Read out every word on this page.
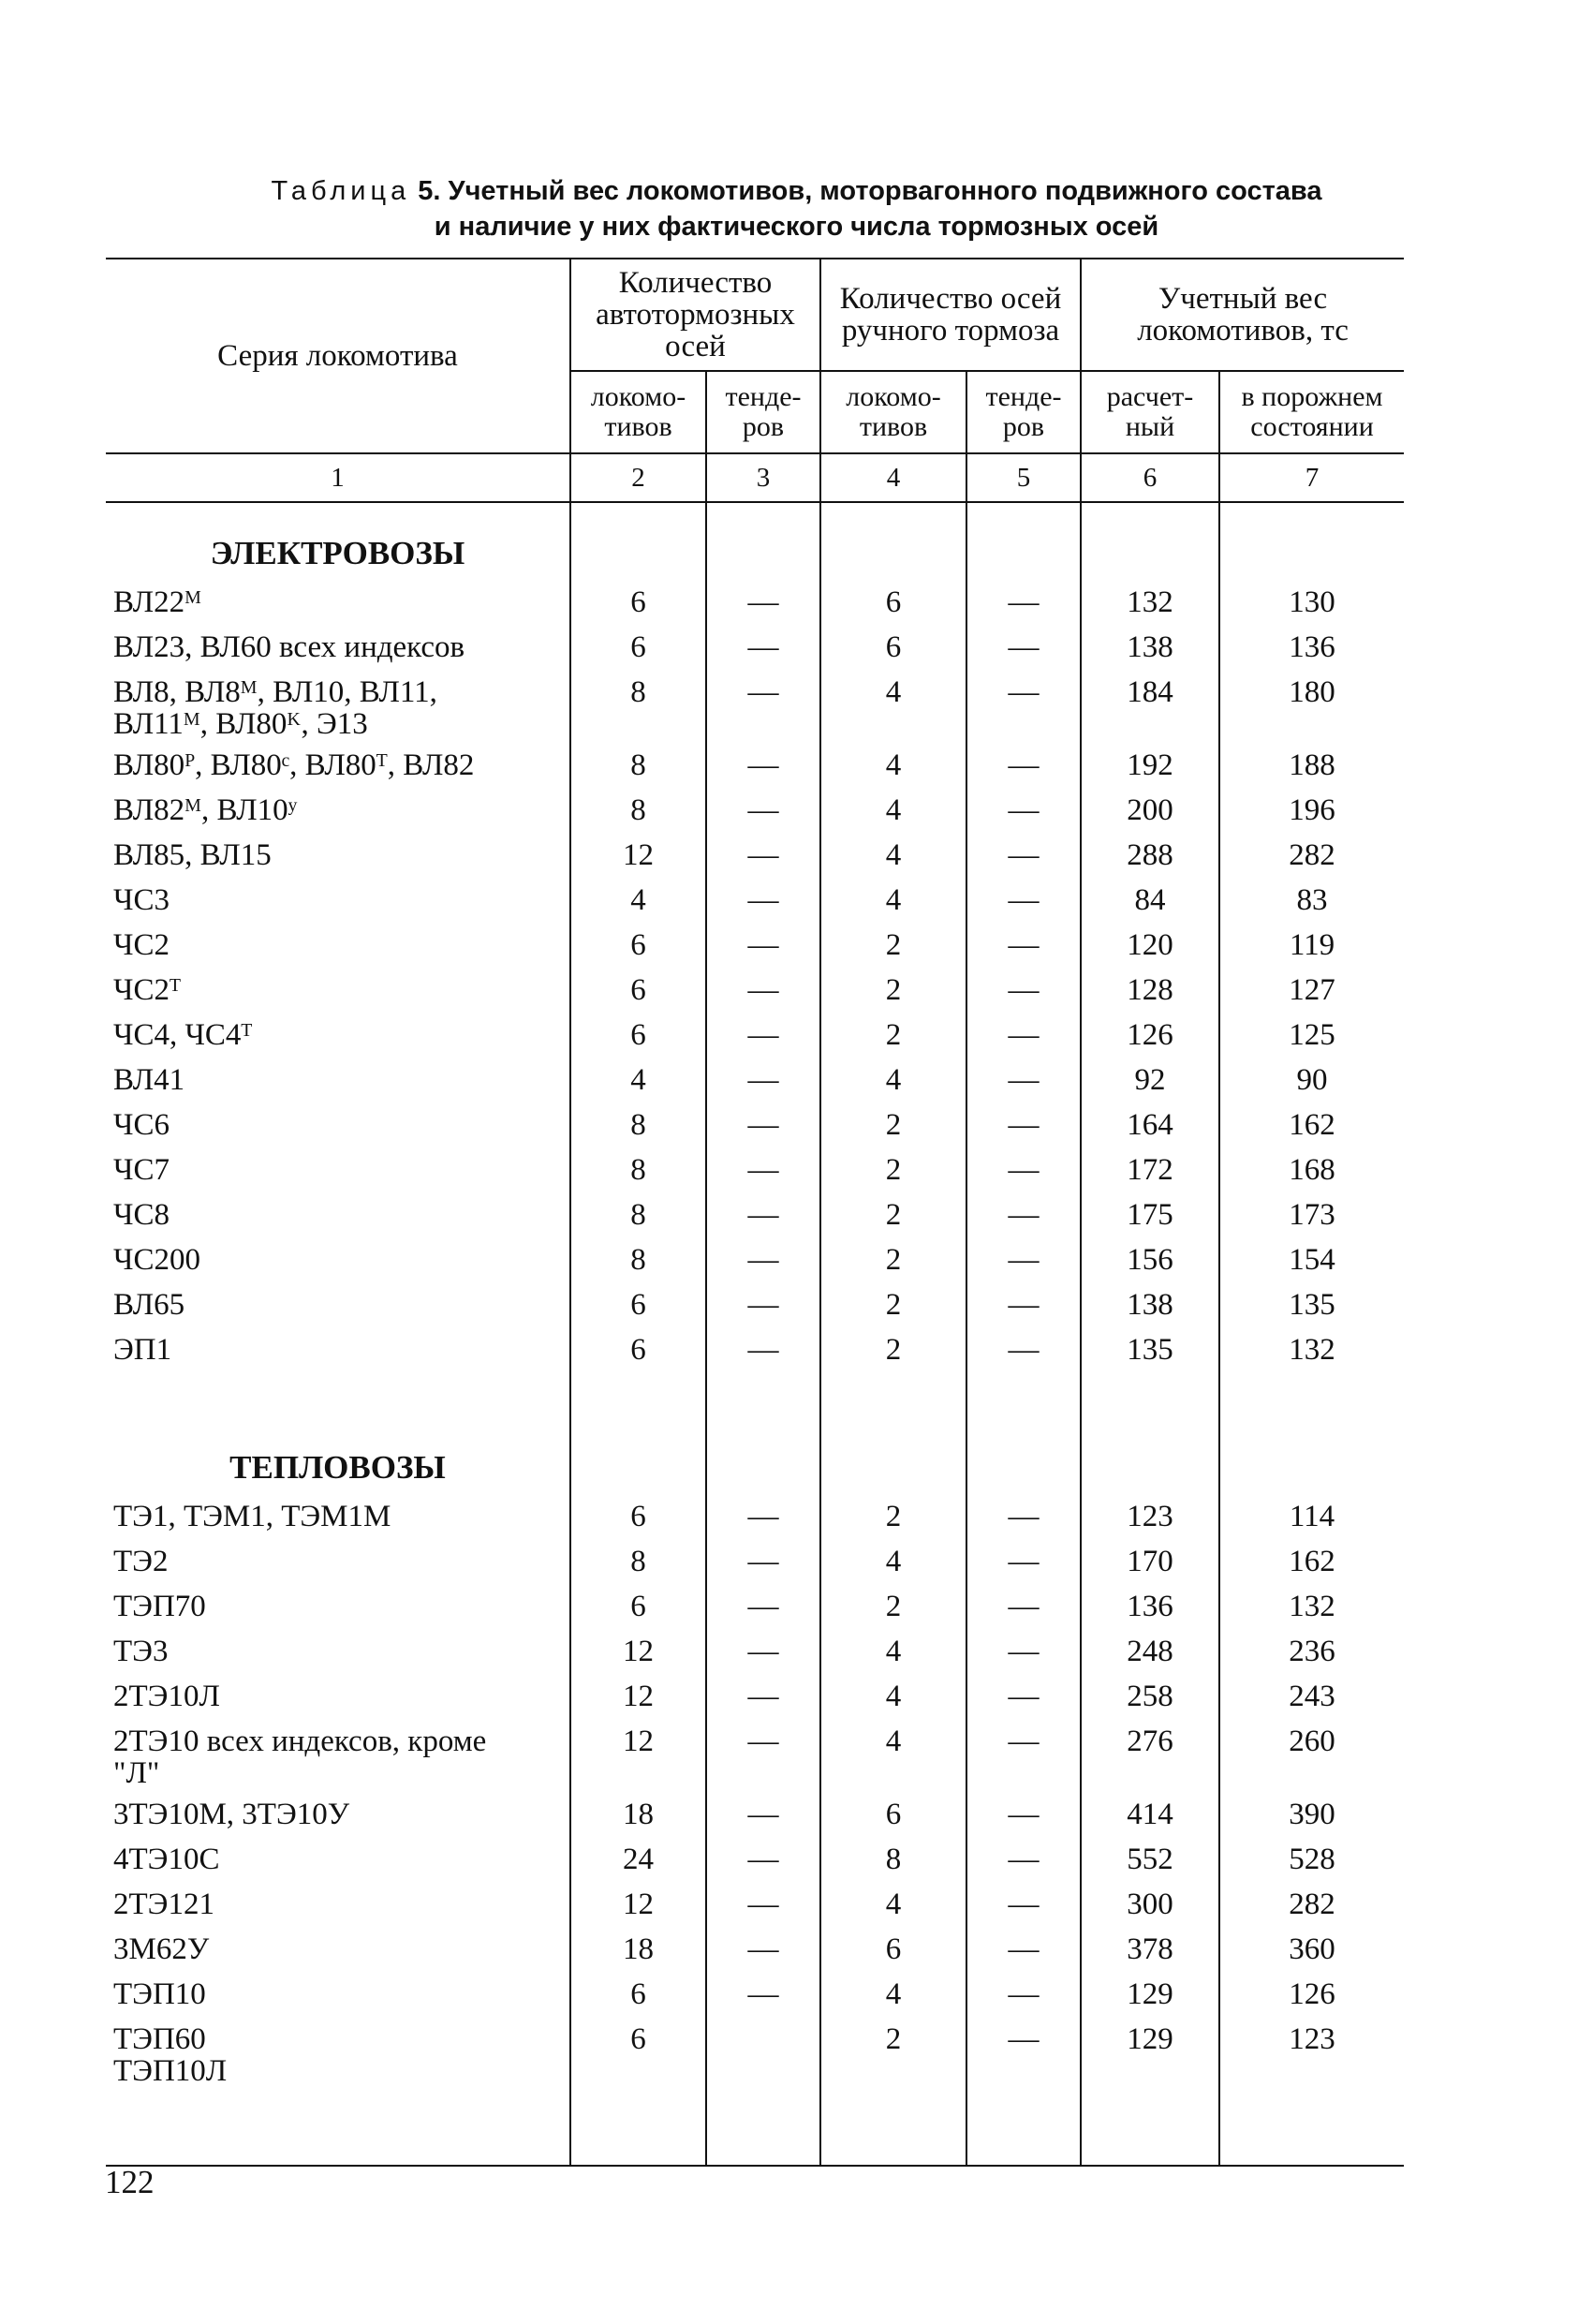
Таблица 5. Учетный вес локомотивов, моторвагонного подвижного состава
и наличие у них фактического числа тормозных осей
Серия локомотива	Количество автотормозных осей		Количество осей ручного тормоза		Учетный вес локомотивов, тс	
	локомо-тивов	тенде-ров	локомо-тивов	тенде-ров	расчет-ный	в порожнем состоянии
1	2	3	4	5	6	7
ЭЛЕКТРОВОЗЫ						

ВЛ22ᴹ	6	—	6	—	132	130

ВЛ23, ВЛ60 всех индексов	6	—	6	—	138	136

ВЛ8, ВЛ8ᴹ, ВЛ10, ВЛ11,
ВЛ11ᴹ, ВЛ80ᴷ, Э13	8	—	4	—	184	180

ВЛ80ᴾ, ВЛ80ᶜ, ВЛ80ᵀ, ВЛ82	8	—	4	—	192	188

ВЛ82ᴹ, ВЛ10ʸ	8	—	4	—	200	196

ВЛ85, ВЛ15	12	—	4	—	288	282

ЧС3	4	—	4	—	84	83

ЧС2	6	—	2	—	120	119

ЧС2ᵀ	6	—	2	—	128	127

ЧС4, ЧС4ᵀ	6	—	2	—	126	125

ВЛ41	4	—	4	—	92	90

ЧС6	8	—	2	—	164	162

ЧС7	8	—	2	—	172	168

ЧС8	8	—	2	—	175	173

ЧС200	8	—	2	—	156	154

ВЛ65	6	—	2	—	138	135

ЭП1	6	—	2	—	135	132

ТЕПЛОВОЗЫ						

ТЭ1, ТЭМ1, ТЭМ1М	6	—	2	—	123	114

ТЭ2	8	—	4	—	170	162

ТЭП70	6	—	2	—	136	132

ТЭ3	12	—	4	—	248	236

2ТЭ10Л	12	—	4	—	258	243

2ТЭ10 всех индексов, кроме
"Л"	12	—	4	—	276	260

3ТЭ10М, 3ТЭ10У	18	—	6	—	414	390

4ТЭ10С	24	—	8	—	552	528

2ТЭ121	12	—	4	—	300	282

3М62У	18	—	6	—	378	360

ТЭП10	6	—	4	—	129	126

ТЭП60
ТЭП10Л	6		2	—	129	123

122
